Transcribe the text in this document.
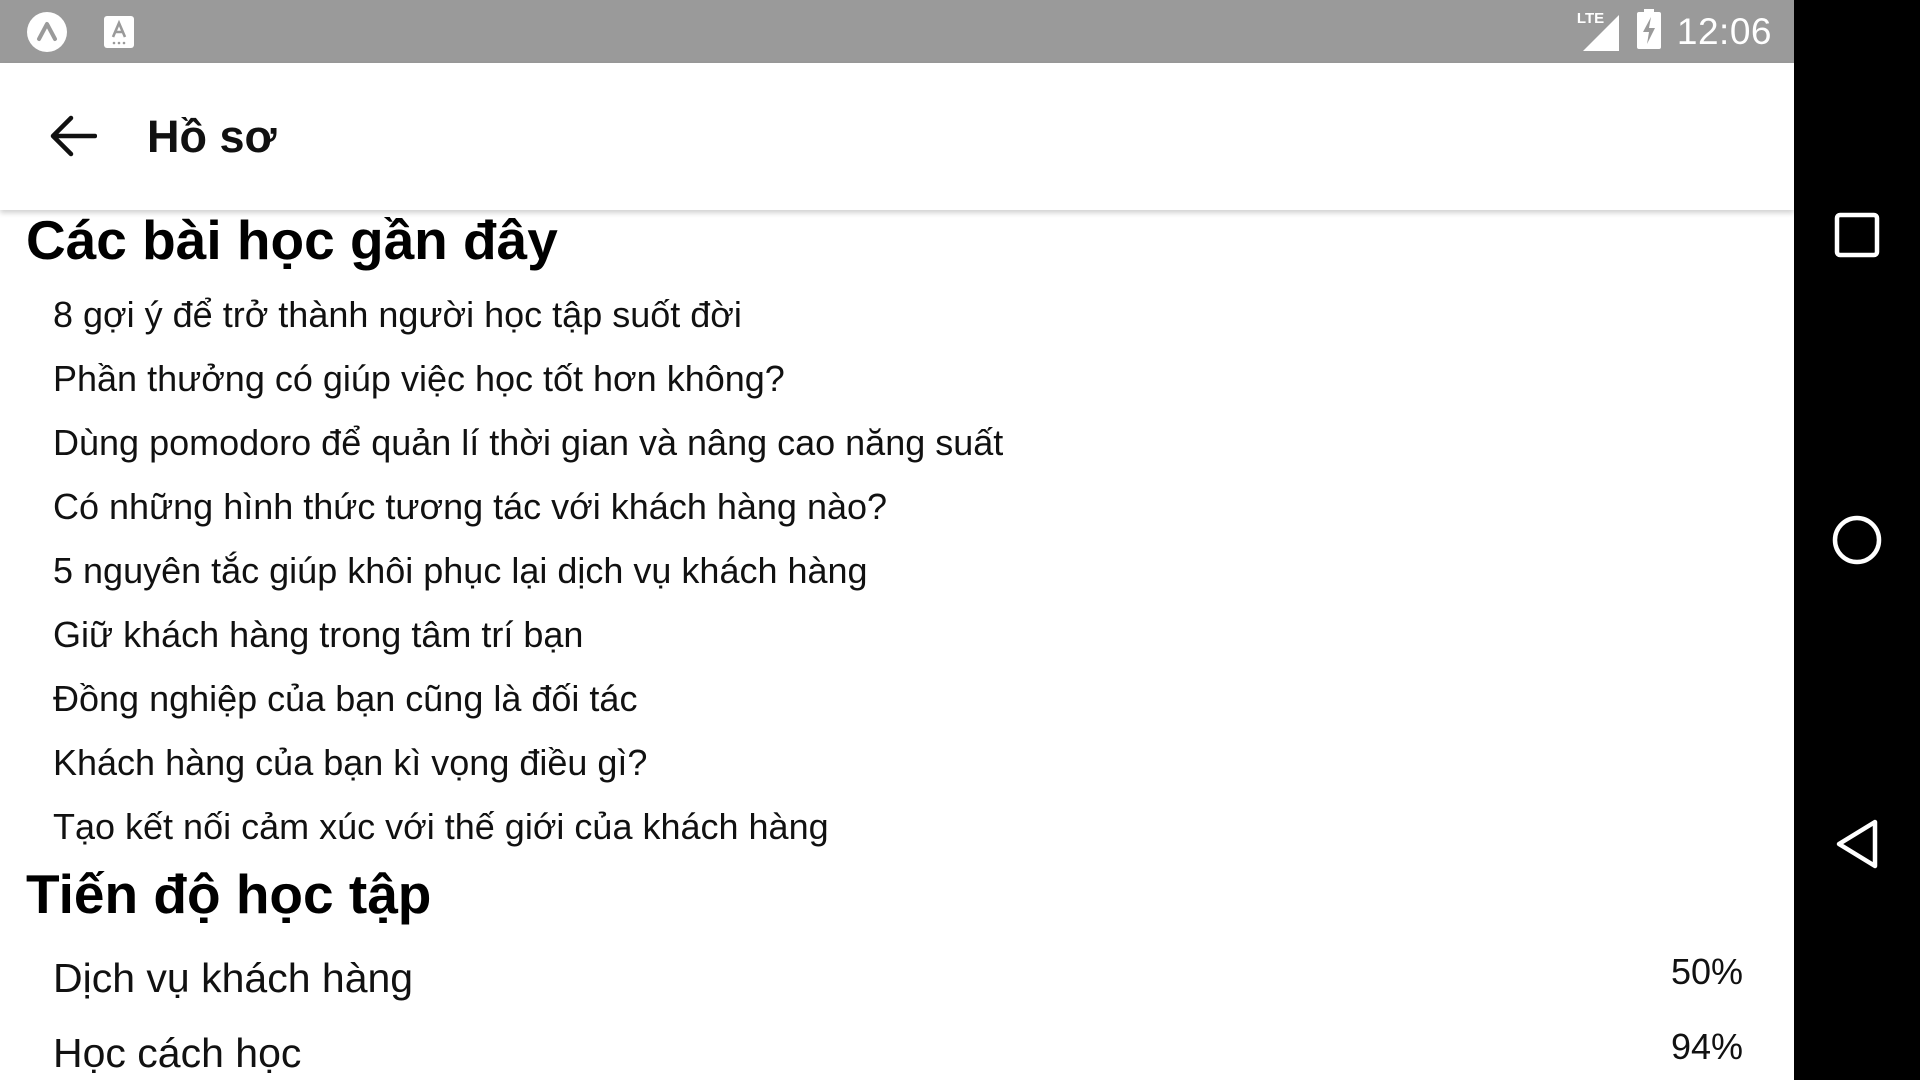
LTE 12:06
Hồ sơ
Các bài học gần đây
8 gợi ý để trở thành người học tập suốt đời
Phần thưởng có giúp việc học tốt hơn không?
Dùng pomodoro để quản lí thời gian và nâng cao năng suất
Có những hình thức tương tác với khách hàng nào?
5 nguyên tắc giúp khôi phục lại dịch vụ khách hàng
Giữ khách hàng trong tâm trí bạn
Đồng nghiệp của bạn cũng là đối tác
Khách hàng của bạn kì vọng điều gì?
Tạo kết nối cảm xúc với thế giới của khách hàng
Tiến độ học tập
Dịch vụ khách hàng	50%
Học cách học	94%
